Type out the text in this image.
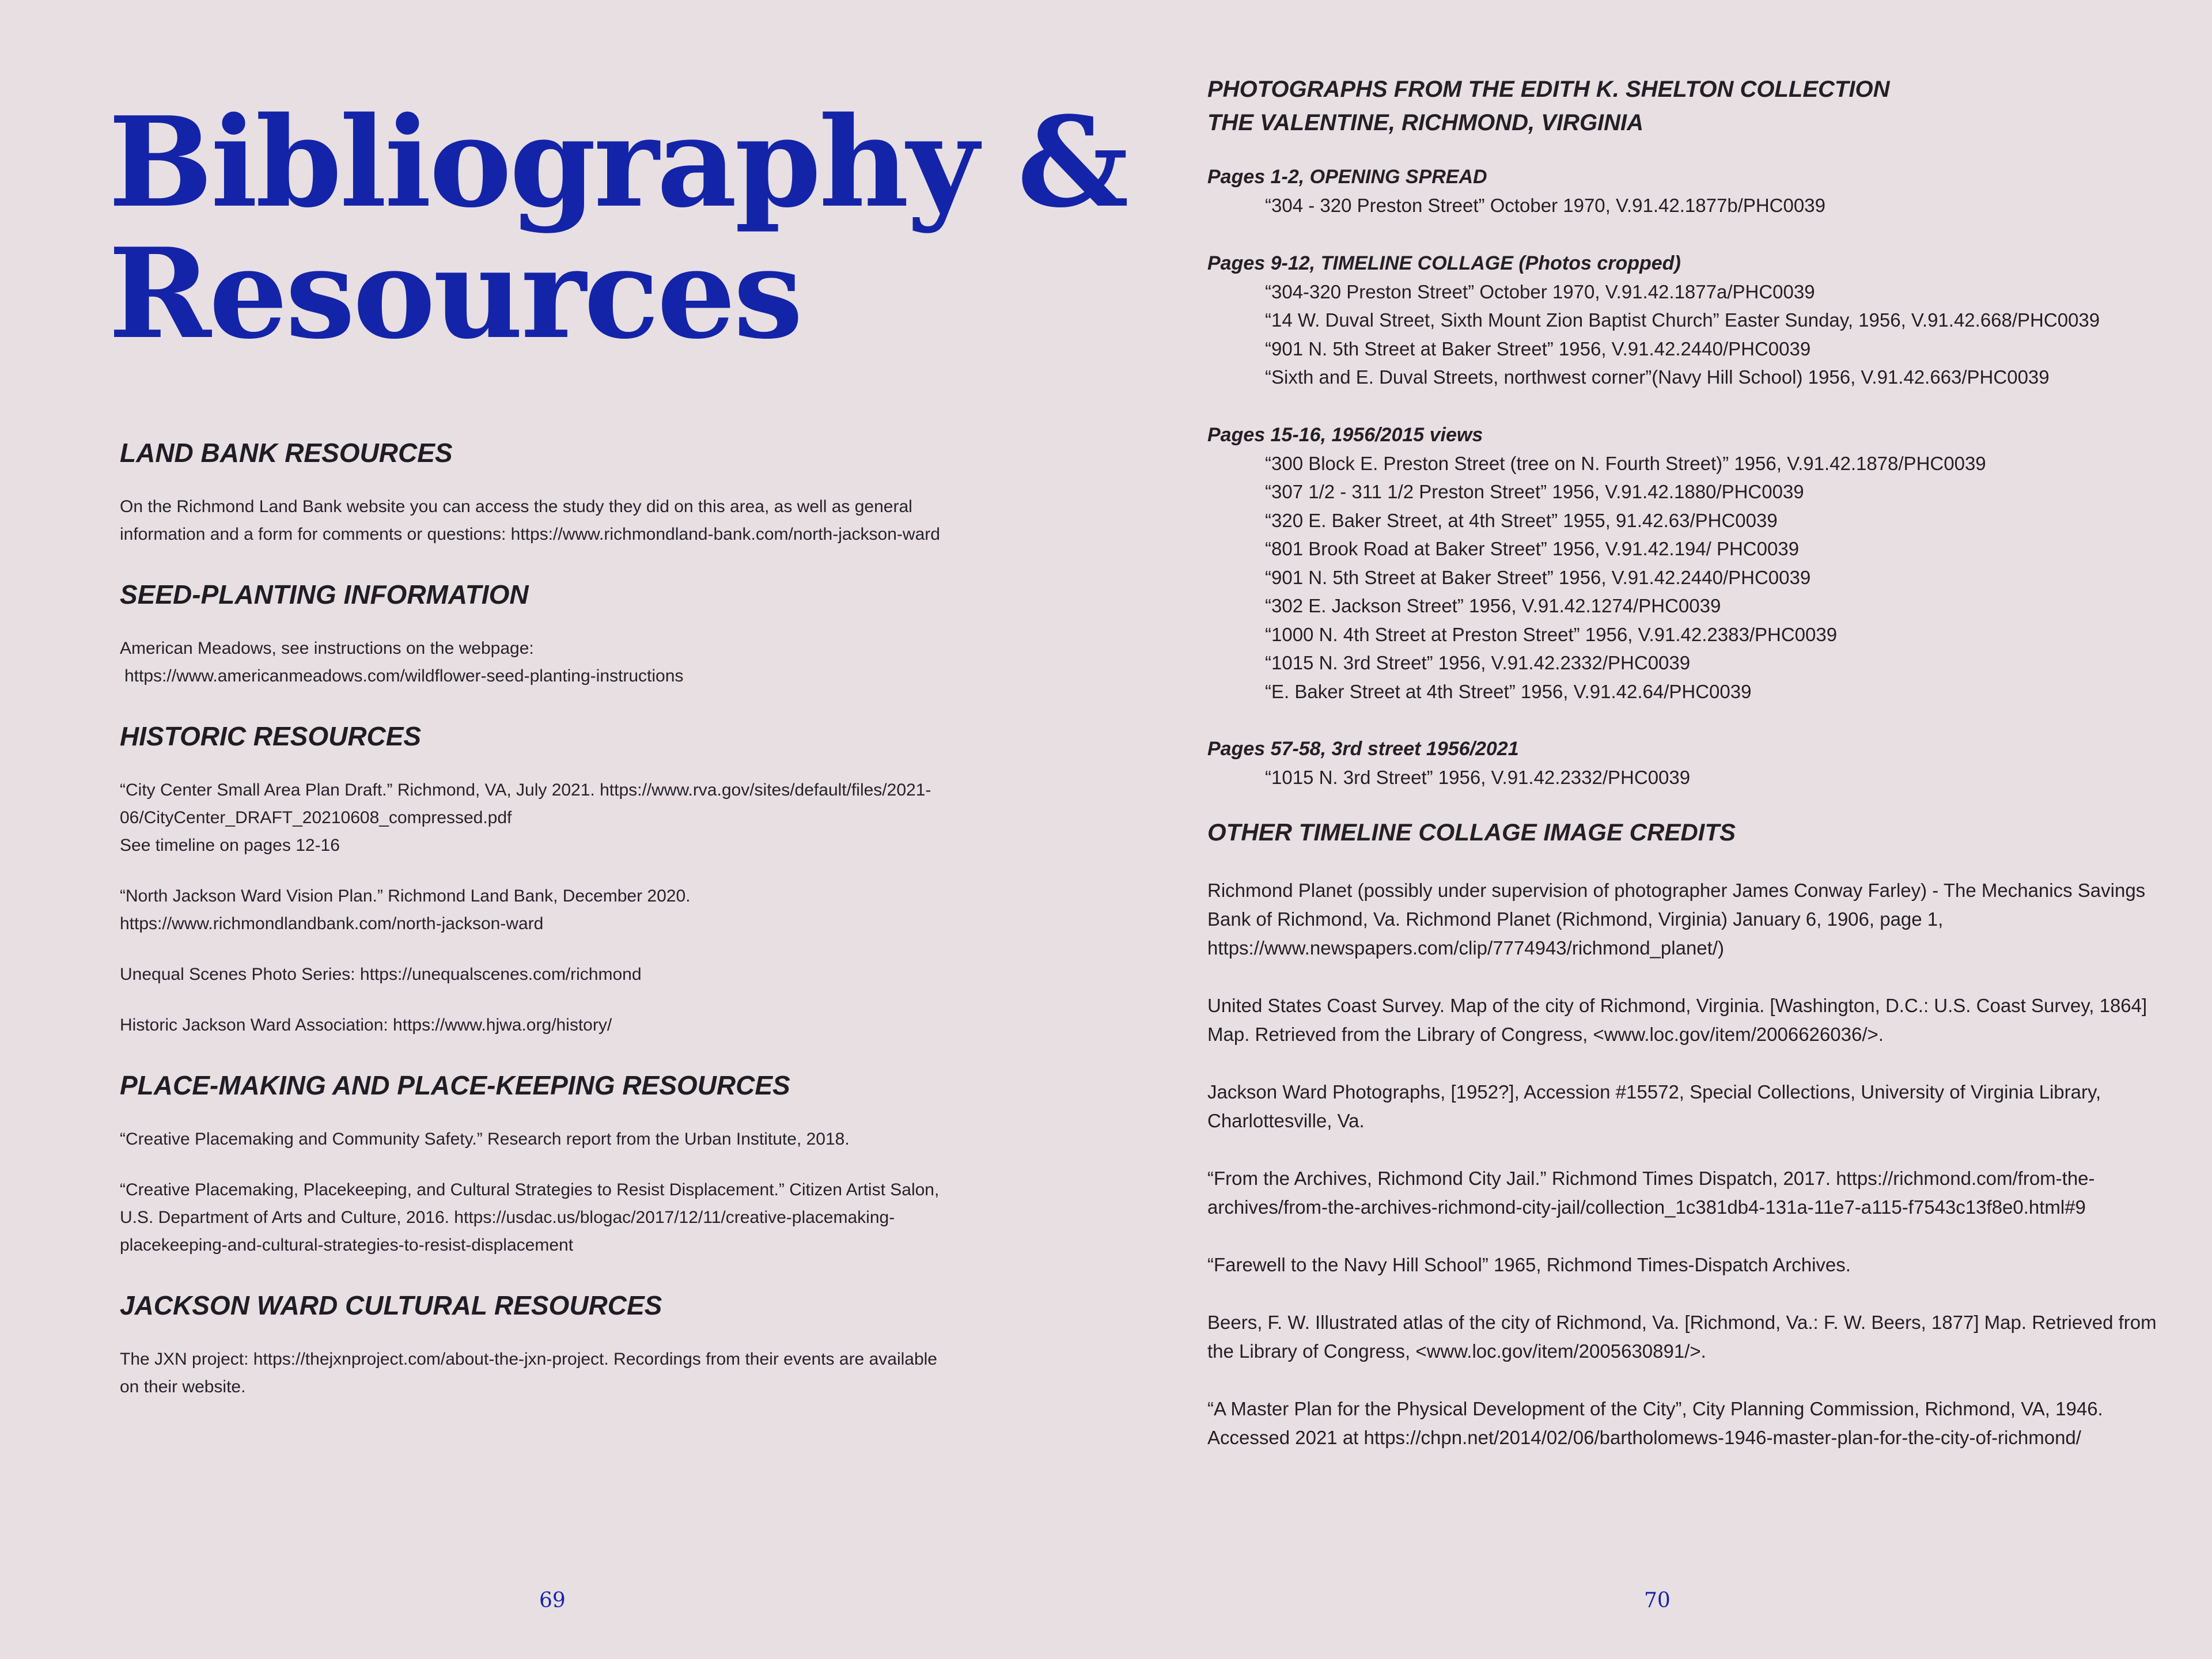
Bibliography &
Resources
LAND BANK RESOURCES

On the Richmond Land Bank website you can access the study they did on this area, as well as general information and a form for comments or questions: https://www.richmondland-bank.com/north-jackson-ward

SEED-PLANTING INFORMATION

American Meadows, see instructions on the webpage:

https://www.americanmeadows.com/wildflower-seed-planting-instructions

HISTORIC RESOURCES

“City Center Small Area Plan Draft.” Richmond, VA, July 2021. https://www.rva.gov/sites/default/files/2021-06/CityCenter_DRAFT_20210608_compressed.pdf

See timeline on pages 12-16

“North Jackson Ward Vision Plan.” Richmond Land Bank, December 2020. https://www.richmondlandbank.com/north-jackson-ward

Unequal Scenes Photo Series: https://unequalscenes.com/richmond

Historic Jackson Ward Association: https://www.hjwa.org/history/

PLACE-MAKING AND PLACE-KEEPING RESOURCES

“Creative Placemaking and Community Safety.” Research report from the Urban Institute, 2018.

“Creative Placemaking, Placekeeping, and Cultural Strategies to Resist Displacement.” Citizen Artist Salon, U.S. Department of Arts and Culture, 2016. https://usdac.us/blogac/2017/12/11/creative-placemaking-placekeeping-and-cultural-strategies-to-resist-displacement

JACKSON WARD CULTURAL RESOURCES

The JXN project: https://thejxnproject.com/about-the-jxn-project. Recordings from their events are available on their website.

69

PHOTOGRAPHS FROM THE EDITH K. SHELTON COLLECTION

THE VALENTINE, RICHMOND, VIRGINIA

Pages 1-2, OPENING SPREAD

“304 - 320 Preston Street” October 1970, V.91.42.1877b/PHC0039

Pages 9-12, TIMELINE COLLAGE (Photos cropped)

“304-320 Preston Street” October 1970, V.91.42.1877a/PHC0039

“14 W. Duval Street, Sixth Mount Zion Baptist Church” Easter Sunday, 1956, V.91.42.668/PHC0039

“901 N. 5th Street at Baker Street” 1956, V.91.42.2440/PHC0039

“Sixth and E. Duval Streets, northwest corner”(Navy Hill School) 1956, V.91.42.663/PHC0039

Pages 15-16, 1956/2015 views

“300 Block E. Preston Street (tree on N. Fourth Street)” 1956, V.91.42.1878/PHC0039

“307 1/2 - 311 1/2 Preston Street” 1956, V.91.42.1880/PHC0039

“320 E. Baker Street, at 4th Street” 1955, 91.42.63/PHC0039

“801 Brook Road at Baker Street” 1956, V.91.42.194/ PHC0039

“901 N. 5th Street at Baker Street” 1956, V.91.42.2440/PHC0039

“302 E. Jackson Street” 1956, V.91.42.1274/PHC0039

“1000 N. 4th Street at Preston Street” 1956, V.91.42.2383/PHC0039

“1015 N. 3rd Street” 1956, V.91.42.2332/PHC0039

“E. Baker Street at 4th Street” 1956, V.91.42.64/PHC0039

Pages 57-58, 3rd street 1956/2021

“1015 N. 3rd Street” 1956, V.91.42.2332/PHC0039

OTHER TIMELINE COLLAGE IMAGE CREDITS

Richmond Planet (possibly under supervision of photographer James Conway Farley) - The Mechanics Savings Bank of Richmond, Va. Richmond Planet (Richmond, Virginia) January 6, 1906, page 1, https://www.newspapers.com/clip/7774943/richmond_planet/)

United States Coast Survey. Map of the city of Richmond, Virginia. [Washington, D.C.: U.S. Coast Survey, 1864] Map. Retrieved from the Library of Congress, <www.loc.gov/item/2006626036/>.

Jackson Ward Photographs, [1952?], Accession #15572, Special Collections, University of Virginia Library, Charlottesville, Va.

“From the Archives, Richmond City Jail.” Richmond Times Dispatch, 2017. https://richmond.com/from-the-archives/from-the-archives-richmond-city-jail/collection_1c381db4-131a-11e7-a115-f7543c13f8e0.html#9

“Farewell to the Navy Hill School” 1965, Richmond Times-Dispatch Archives.

Beers, F. W. Illustrated atlas of the city of Richmond, Va. [Richmond, Va.: F. W. Beers, 1877] Map. Retrieved from the Library of Congress, <www.loc.gov/item/2005630891/>.

“A Master Plan for the Physical Development of the City”, City Planning Commission, Richmond, VA, 1946. Accessed 2021 at https://chpn.net/2014/02/06/bartholomews-1946-master-plan-for-the-city-of-richmond/

70
